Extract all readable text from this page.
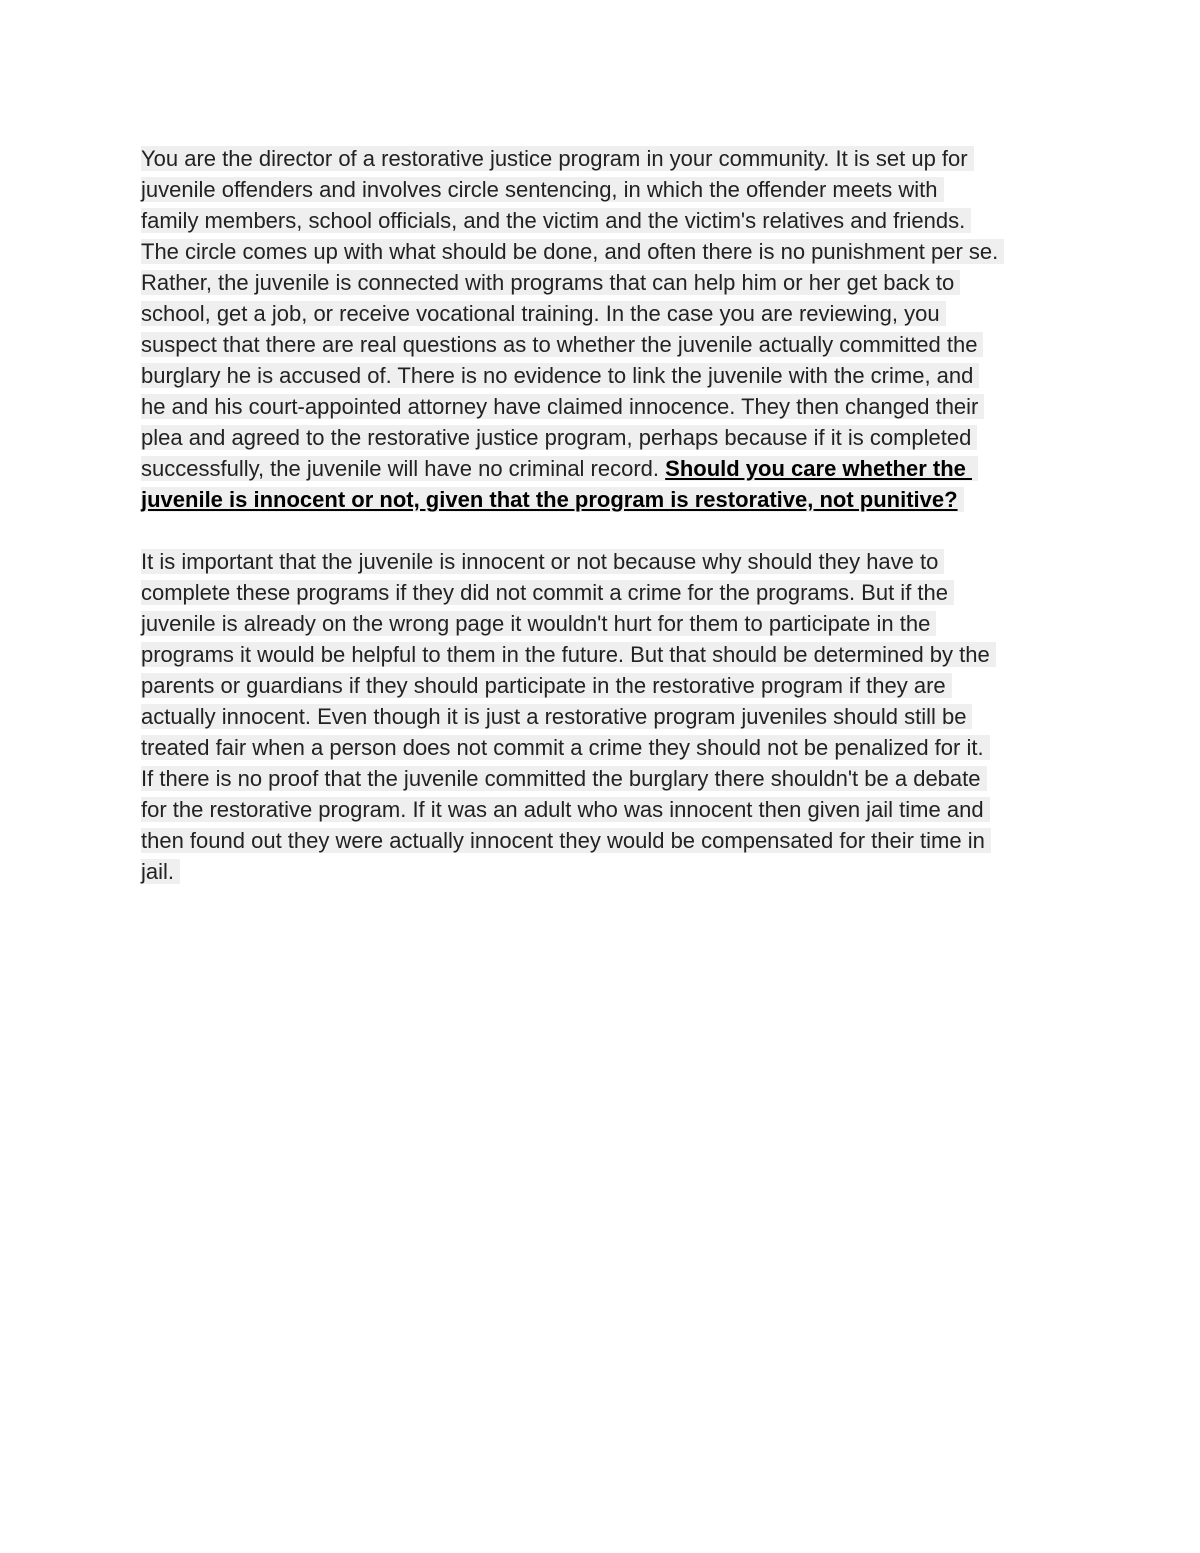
You are the director of a restorative justice program in your community. It is set up for
juvenile offenders and involves circle sentencing, in which the offender meets with
family members, school officials, and the victim and the victim's relatives and friends.
The circle comes up with what should be done, and often there is no punishment per se.
Rather, the juvenile is connected with programs that can help him or her get back to
school, get a job, or receive vocational training. In the case you are reviewing, you
suspect that there are real questions as to whether the juvenile actually committed the
burglary he is accused of. There is no evidence to link the juvenile with the crime, and
he and his court-appointed attorney have claimed innocence. They then changed their
plea and agreed to the restorative justice program, perhaps because if it is completed
successfully, the juvenile will have no criminal record. Should you care whether the
juvenile is innocent or not, given that the program is restorative, not punitive?
It is important that the juvenile is innocent or not because why should they have to
complete these programs if they did not commit a crime for the programs. But if the
juvenile is already on the wrong page it wouldn't hurt for them to participate in the
programs it would be helpful to them in the future. But that should be determined by the
parents or guardians if they should participate in the restorative program if they are
actually innocent. Even though it is just a restorative program juveniles should still be
treated fair when a person does not commit a crime they should not be penalized for it.
If there is no proof that the juvenile committed the burglary there shouldn't be a debate
for the restorative program. If it was an adult who was innocent then given jail time and
then found out they were actually innocent they would be compensated for their time in
jail.
